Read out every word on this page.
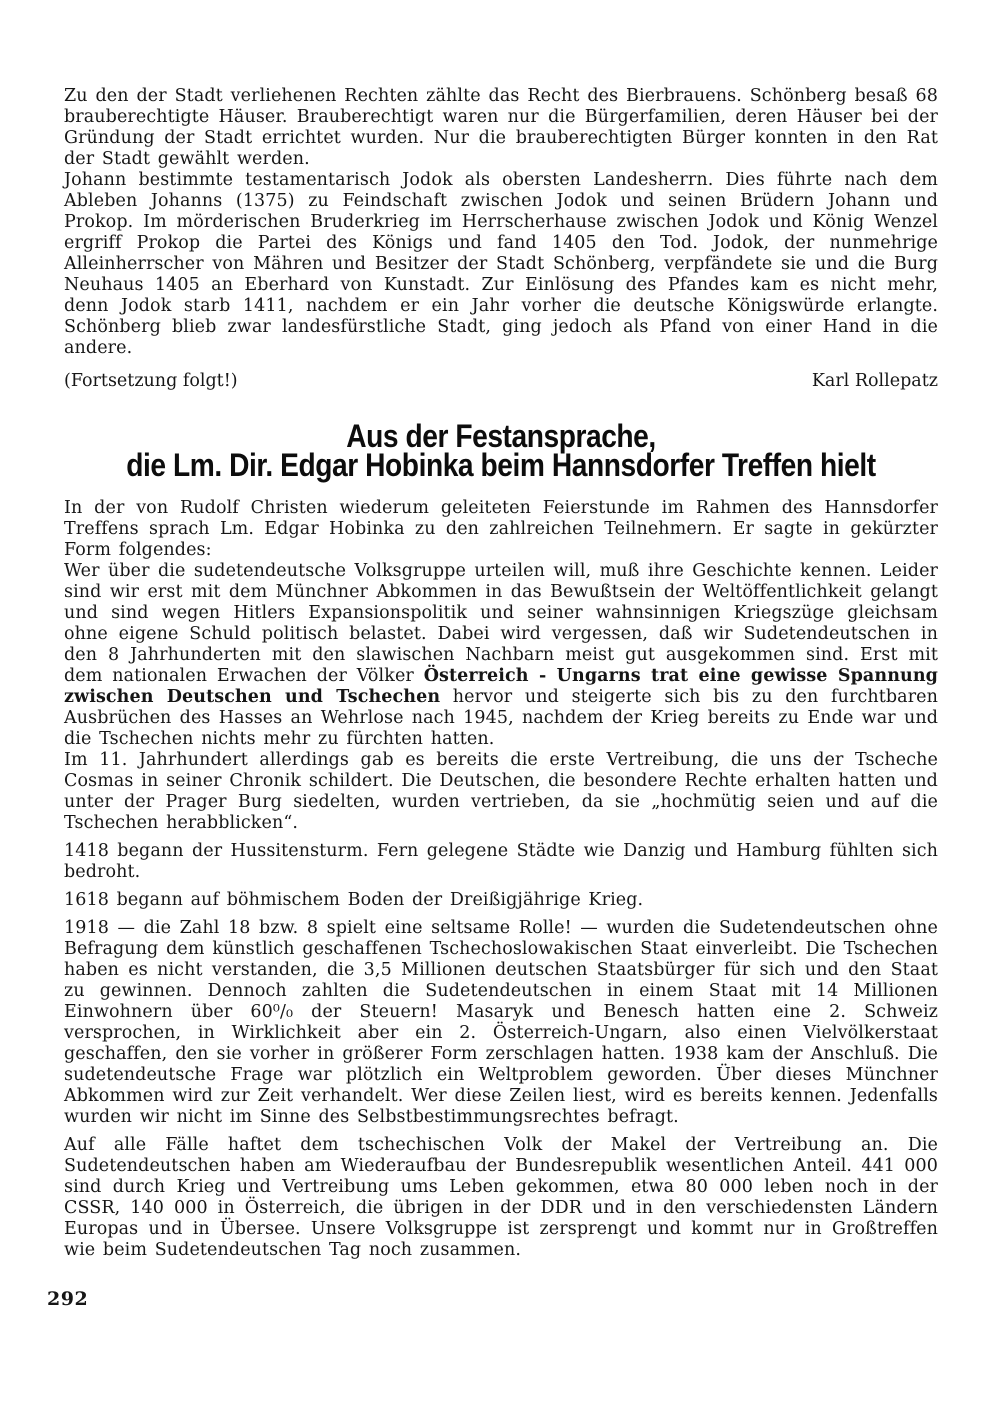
Zu den der Stadt verliehenen Rechten zählte das Recht des Bierbrauens. Schönberg besaß 68 brauberechtigte Häuser. Brauberechtigt waren nur die Bürgerfamilien, deren Häuser bei der Gründung der Stadt errichtet wurden. Nur die brauberechtigten Bürger konnten in den Rat der Stadt gewählt werden.

Johann bestimmte testamentarisch Jodok als obersten Landesherrn. Dies führte nach dem Ableben Johanns (1375) zu Feindschaft zwischen Jodok und seinen Brüdern Johann und Prokop. Im mörderischen Bruderkrieg im Herrscherhause zwischen Jodok und König Wenzel ergriff Prokop die Partei des Königs und fand 1405 den Tod. Jodok, der nunmehrige Alleinherrscher von Mähren und Besitzer der Stadt Schönberg, verpfändete sie und die Burg Neuhaus 1405 an Eberhard von Kunstadt. Zur Einlösung des Pfandes kam es nicht mehr, denn Jodok starb 1411, nachdem er ein Jahr vorher die deutsche Königswürde erlangte. Schönberg blieb zwar landesfürstliche Stadt, ging jedoch als Pfand von einer Hand in die andere.

(Fortsetzung folgt!)	Karl Rollepatz
Aus der Festansprache,
die Lm. Dir. Edgar Hobinka beim Hannsdorfer Treffen hielt

In der von Rudolf Christen wiederum geleiteten Feierstunde im Rahmen des Hannsdorfer Treffens sprach Lm. Edgar Hobinka zu den zahlreichen Teilnehmern. Er sagte in gekürzter Form folgendes:

Wer über die sudetendeutsche Volksgruppe urteilen will, muß ihre Geschichte kennen. Leider sind wir erst mit dem Münchner Abkommen in das Bewußtsein der Weltöffentlichkeit gelangt und sind wegen Hitlers Expansionspolitik und seiner wahnsinnigen Kriegszüge gleichsam ohne eigene Schuld politisch belastet. Dabei wird vergessen, daß wir Sudetendeutschen in den 8 Jahrhunderten mit den slawischen Nachbarn meist gut ausgekommen sind. Erst mit dem nationalen Erwachen der Völker Österreich - Ungarns trat eine gewisse Spannung zwischen Deutschen und Tschechen hervor und steigerte sich bis zu den furchtbaren Ausbrüchen des Hasses an Wehrlose nach 1945, nachdem der Krieg bereits zu Ende war und die Tschechen nichts mehr zu fürchten hatten.

Im 11. Jahrhundert allerdings gab es bereits die erste Vertreibung, die uns der Tscheche Cosmas in seiner Chronik schildert. Die Deutschen, die besondere Rechte erhalten hatten und unter der Prager Burg siedelten, wurden vertrieben, da sie „hochmütig seien und auf die Tschechen herabblicken“.

1418 begann der Hussitensturm. Fern gelegene Städte wie Danzig und Hamburg fühlten sich bedroht.

1618 begann auf böhmischem Boden der Dreißigjährige Krieg.

1918 — die Zahl 18 bzw. 8 spielt eine seltsame Rolle! — wurden die Sudetendeutschen ohne Befragung dem künstlich geschaffenen Tschechoslowakischen Staat einverleibt. Die Tschechen haben es nicht verstanden, die 3,5 Millionen deutschen Staatsbürger für sich und den Staat zu gewinnen. Dennoch zahlten die Sudetendeutschen in einem Staat mit 14 Millionen Einwohnern über 60⁰/₀ der Steuern! Masaryk und Benesch hatten eine 2. Schweiz versprochen, in Wirklichkeit aber ein 2. Österreich-Ungarn, also einen Vielvölkerstaat geschaffen, den sie vorher in größerer Form zerschlagen hatten. 1938 kam der Anschluß. Die sudetendeutsche Frage war plötzlich ein Weltproblem geworden. Über dieses Münchner Abkommen wird zur Zeit verhandelt. Wer diese Zeilen liest, wird es bereits kennen. Jedenfalls wurden wir nicht im Sinne des Selbstbestimmungsrechtes befragt.

Auf alle Fälle haftet dem tschechischen Volk der Makel der Vertreibung an. Die Sudetendeutschen haben am Wiederaufbau der Bundesrepublik wesentlichen Anteil. 441 000 sind durch Krieg und Vertreibung ums Leben gekommen, etwa 80 000 leben noch in der CSSR, 140 000 in Österreich, die übrigen in der DDR und in den verschiedensten Ländern Europas und in Übersee. Unsere Volksgruppe ist zersprengt und kommt nur in Großtreffen wie beim Sudetendeutschen Tag noch zusammen.

292
